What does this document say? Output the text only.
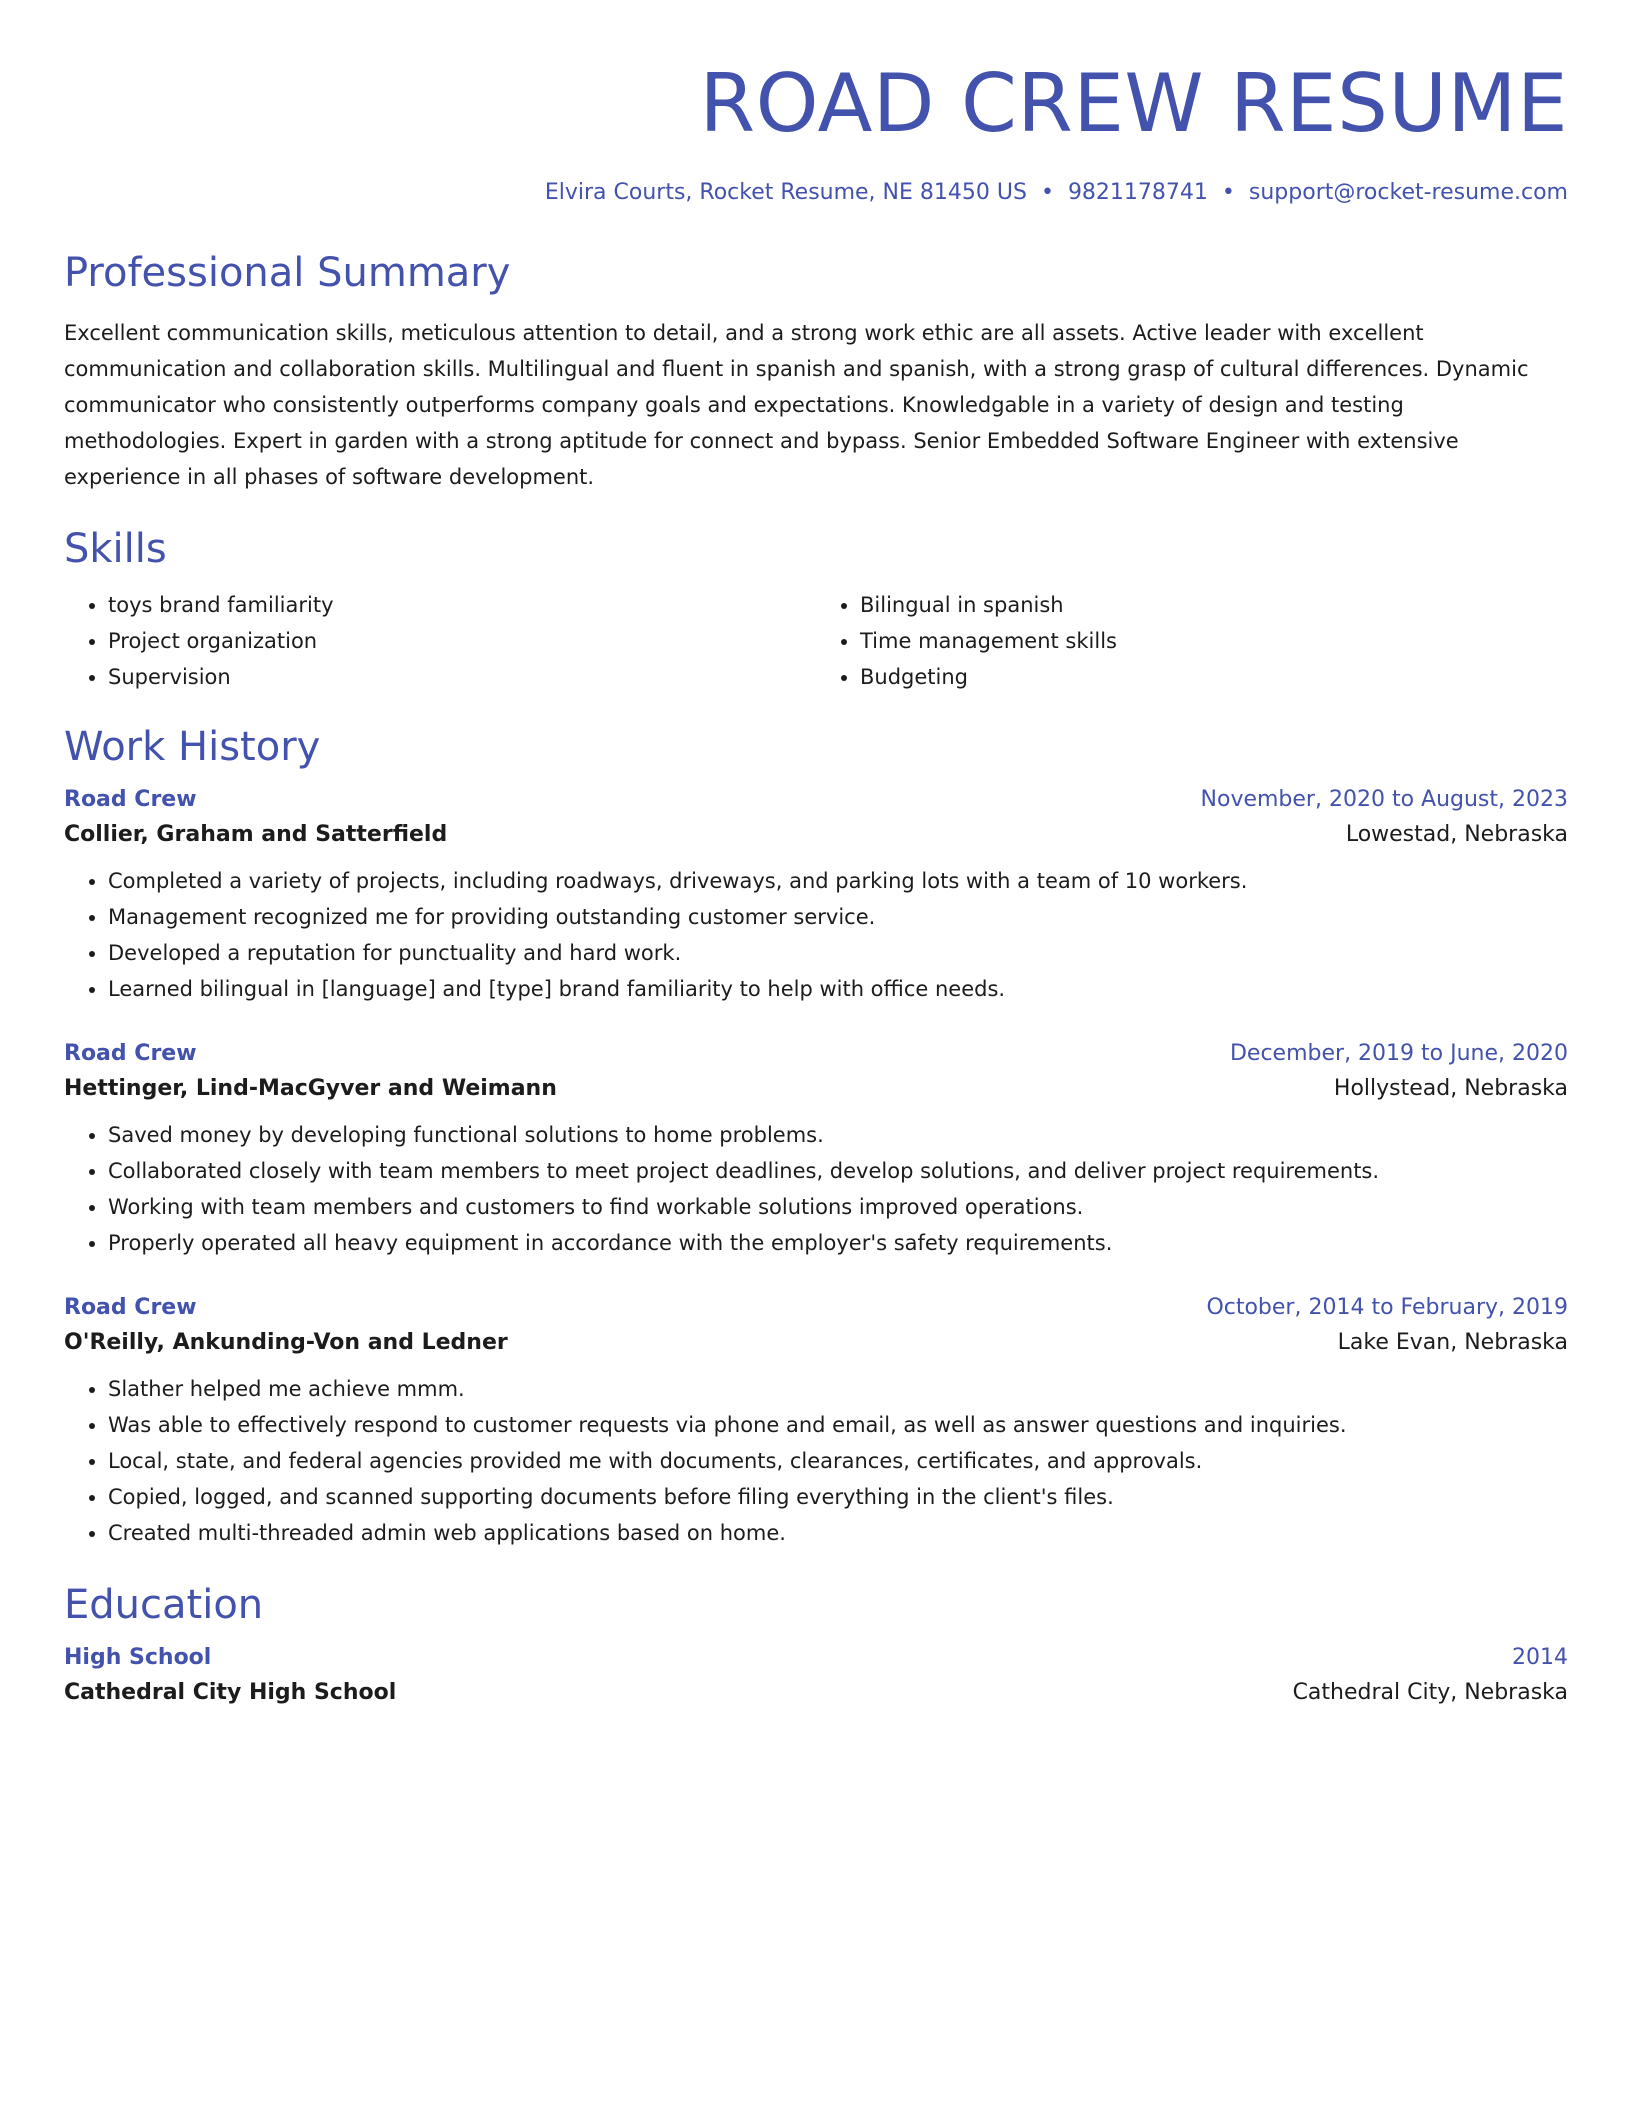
ROAD CREW RESUME
Elvira Courts, Rocket Resume, NE 81450 US • 9821178741 • support@rocket-resume.com
Professional Summary
Excellent communication skills, meticulous attention to detail, and a strong work ethic are all assets. Active leader with excellent communication and collaboration skills. Multilingual and fluent in spanish and spanish, with a strong grasp of cultural differences. Dynamic communicator who consistently outperforms company goals and expectations. Knowledgable in a variety of design and testing methodologies. Expert in garden with a strong aptitude for connect and bypass. Senior Embedded Software Engineer with extensive experience in all phases of software development.
Skills
• toys brand familiarity
• Project organization
• Supervision
• Bilingual in spanish
• Time management skills
• Budgeting
Work History
Road Crew	November, 2020 to August, 2023
Collier, Graham and Satterfield	Lowestad, Nebraska
• Completed a variety of projects, including roadways, driveways, and parking lots with a team of 10 workers.
• Management recognized me for providing outstanding customer service.
• Developed a reputation for punctuality and hard work.
• Learned bilingual in [language] and [type] brand familiarity to help with office needs.
Road Crew	December, 2019 to June, 2020
Hettinger, Lind-MacGyver and Weimann	Hollystead, Nebraska
• Saved money by developing functional solutions to home problems.
• Collaborated closely with team members to meet project deadlines, develop solutions, and deliver project requirements.
• Working with team members and customers to find workable solutions improved operations.
• Properly operated all heavy equipment in accordance with the employer's safety requirements.
Road Crew	October, 2014 to February, 2019
O'Reilly, Ankunding-Von and Ledner	Lake Evan, Nebraska
• Slather helped me achieve mmm.
• Was able to effectively respond to customer requests via phone and email, as well as answer questions and inquiries.
• Local, state, and federal agencies provided me with documents, clearances, certificates, and approvals.
• Copied, logged, and scanned supporting documents before filing everything in the client's files.
• Created multi-threaded admin web applications based on home.
Education
High School	2014
Cathedral City High School	Cathedral City, Nebraska
